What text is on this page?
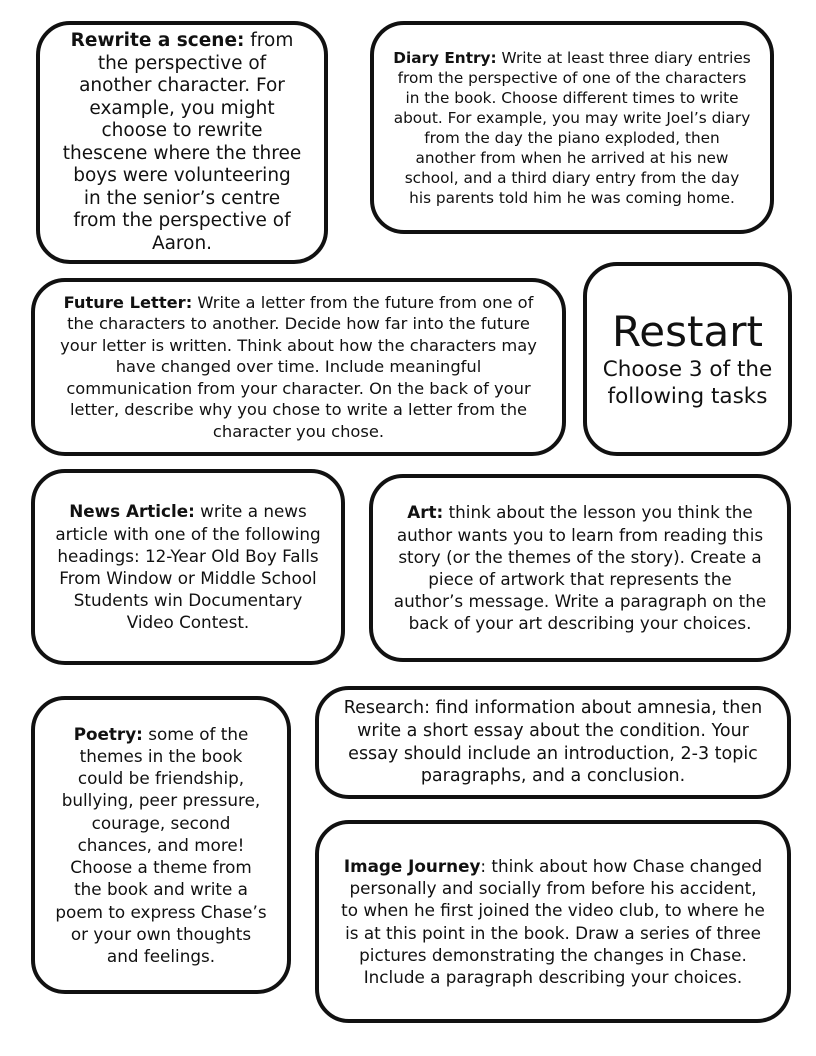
Rewrite a scene: from the perspective of another character. For example, you might choose to rewrite thescene where the three boys were volunteering in the senior’s centre from the perspective of Aaron.

Diary Entry: Write at least three diary entries from the perspective of one of the characters in the book. Choose different times to write about. For example, you may write Joel’s diary from the day the piano exploded, then another from when he arrived at his new school, and a third diary entry from the day his parents told him he was coming home.

Future Letter: Write a letter from the future from one of the characters to another. Decide how far into the future your letter is written. Think about how the characters may have changed over time. Include meaningful communication from your character. On the back of your letter, describe why you chose to write a letter from the character you chose.

Restart

Choose 3 of the following tasks

News Article: write a news article with one of the following headings: 12-Year Old Boy Falls From Window or Middle School Students win Documentary Video Contest.

Art: think about the lesson you think the author wants you to learn from reading this story (or the themes of the story). Create a piece of artwork that represents the author’s message. Write a paragraph on the back of your art describing your choices.

Poetry: some of the themes in the book could be friendship, bullying, peer pressure, courage, second chances, and more! Choose a theme from the book and write a poem to express Chase’s or your own thoughts and feelings.

Research: find information about amnesia, then write a short essay about the condition. Your essay should include an introduction, 2-3 topic paragraphs, and a conclusion.

Image Journey: think about how Chase changed personally and socially from before his accident, to when he first joined the video club, to where he is at this point in the book. Draw a series of three pictures demonstrating the changes in Chase. Include a paragraph describing your choices.
